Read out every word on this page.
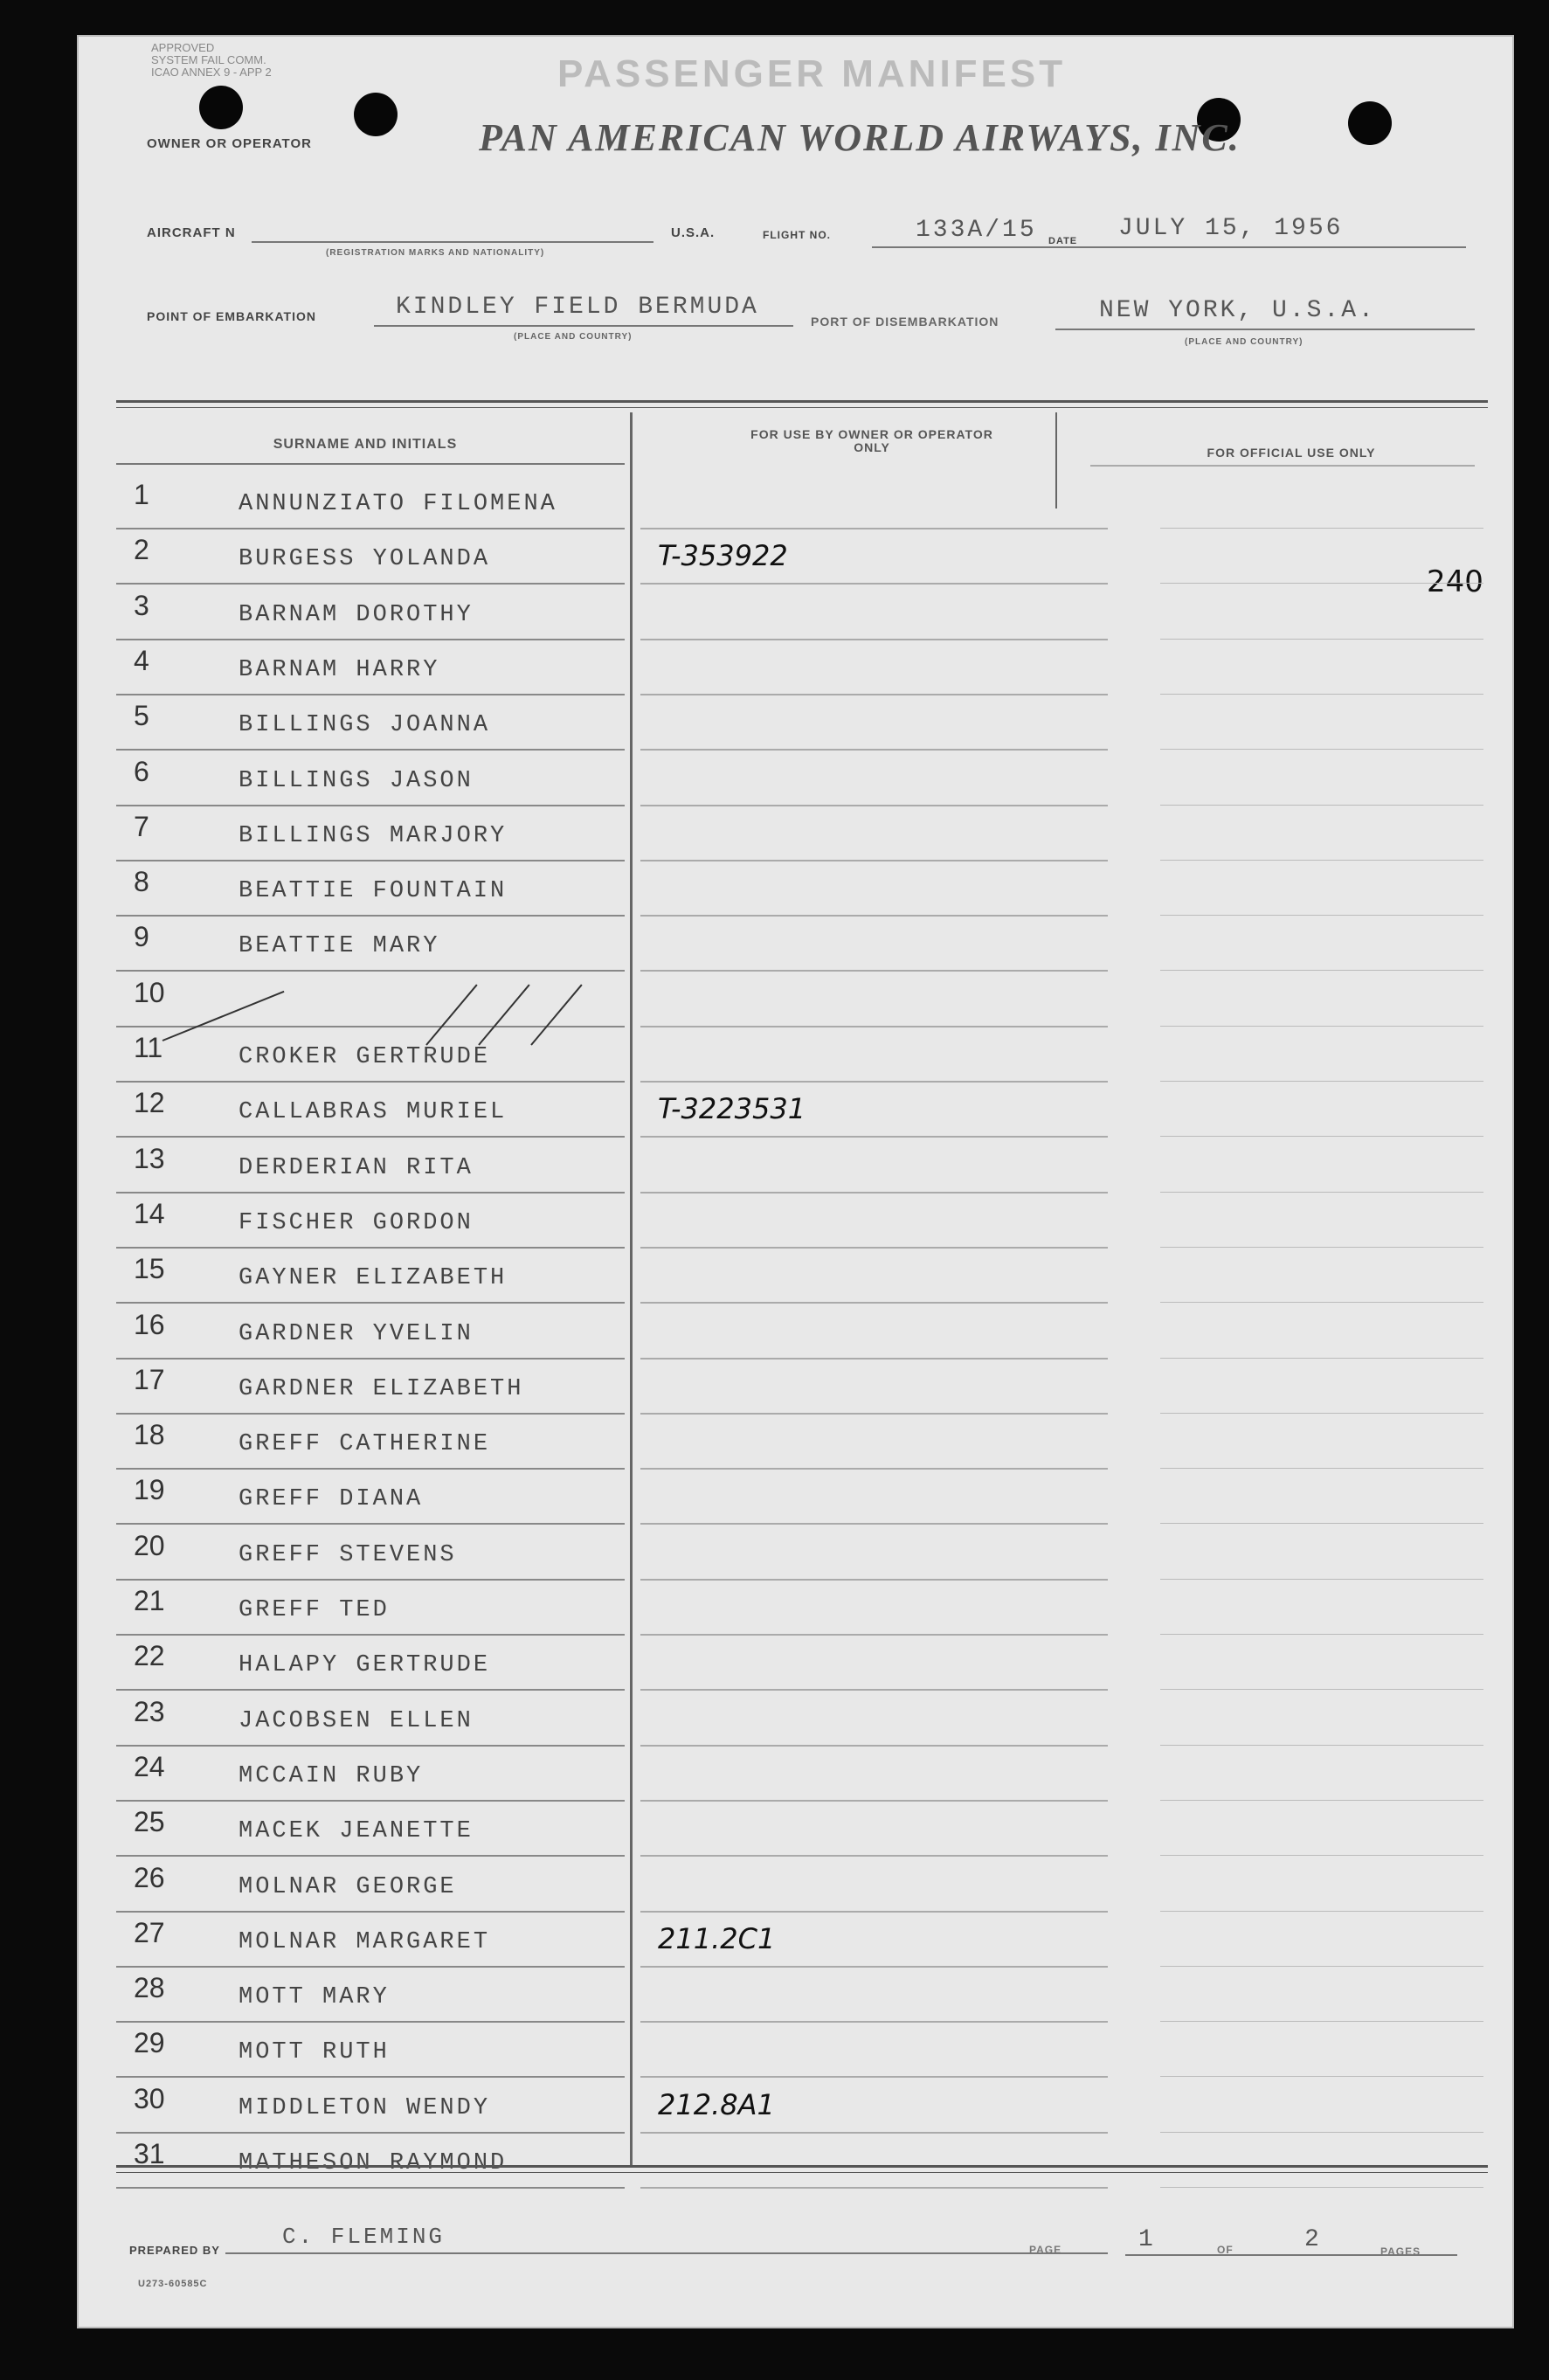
APPROVED
SYSTEM FAIL COMM.
ICAO ANNEX 9 - APP 2	PASSENGER MANIFEST
OWNER OR OPERATOR	PAN AMERICAN WORLD AIRWAYS, INC.
AIRCRAFT N
(REGISTRATION MARKS AND NATIONALITY)
U.S.A.	FLIGHT NO.	133A/15 DATE JULY 15, 1956
POINT OF EMBARKATION	KINDLEY FIELD BERMUDA
(PLACE AND COUNTRY)
PORT OF DISEMBARKATION	NEW YORK, U.S.A.
(PLACE AND COUNTRY)
SURNAME AND INITIALS
FOR USE BY OWNER OR OPERATOR ONLY	FOR OFFICIAL USE ONLY
240
1	ANNUNZIATO FILOMENA
2	BURGESS YOLANDA	T-353922
3	BARNAM DOROTHY
4	BARNAM HARRY
5	BILLINGS JOANNA
6	BILLINGS JASON
7	BILLINGS MARJORY
8	BEATTIE FOUNTAIN
9	BEATTIE MARY
10
11	CROKER GERTRUDE
12	CALLABRAS MURIEL	T-3223531
13	DERDERIAN RITA
14	FISCHER GORDON
15	GAYNER ELIZABETH
16	GARDNER YVELIN
17	GARDNER ELIZABETH
18	GREFF CATHERINE
19	GREFF DIANA
20	GREFF STEVENS
21	GREFF TED
22	HALAPY GERTRUDE
23	JACOBSEN ELLEN
24	MCCAIN RUBY
25	MACEK JEANETTE
26	MOLNAR GEORGE
27	MOLNAR MARGARET	211.2C1
28	MOTT MARY
29	MOTT RUTH
30	MIDDLETON WENDY	212.8A1
31	MATHESON RAYMOND
PREPARED BY
C. FLEMING	PAGE	1	OF	2	PAGES
U273-60585C
